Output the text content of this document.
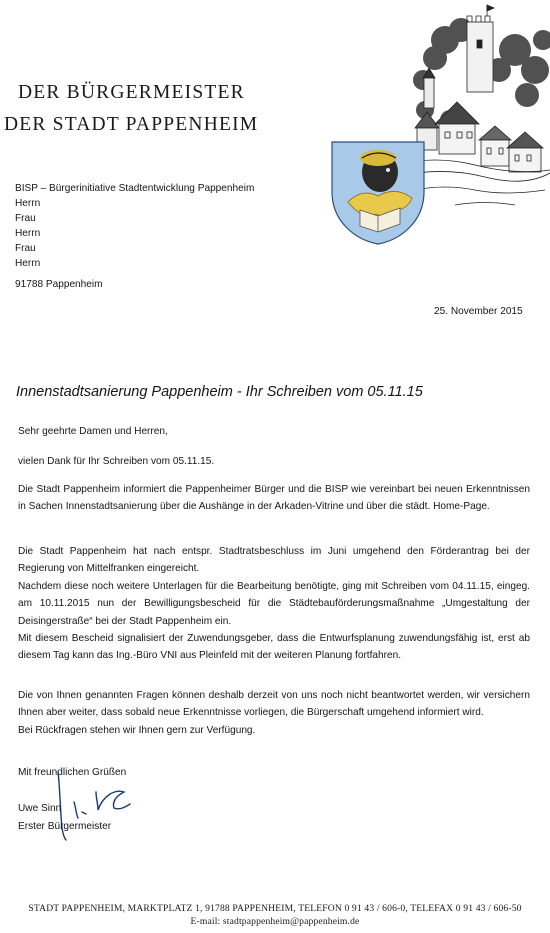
DER BÜRGERMEISTER
DER STADT PAPPENHEIM
BISP – Bürgerinitiative Stadtentwicklung Pappenheim
Herrn
Frau
Herrn
Frau
Herrn
91788 Pappenheim
25. November 2015
Innenstadtsanierung Pappenheim - Ihr Schreiben vom 05.11.15
Sehr geehrte Damen und Herren,
vielen Dank für Ihr Schreiben vom 05.11.15.
Die Stadt Pappenheim informiert die Pappenheimer Bürger und die BISP wie vereinbart bei neuen Erkenntnissen in Sachen Innenstadtsanierung über die Aushänge in der Arkaden-Vitrine und über die städt. Home-Page.
Die Stadt Pappenheim hat nach entspr. Stadtratsbeschluss im Juni umgehend den Förderantrag bei der Regierung von Mittelfranken eingereicht.
Nachdem diese noch weitere Unterlagen für die Bearbeitung benötigte, ging mit Schreiben vom 04.11.15, eingeg. am 10.11.2015 nun der Bewilligungsbescheid für die Städtebauförderungsmaßnahme „Umgestaltung der Deisingerstraße“ bei der Stadt Pappenheim ein.
Mit diesem Bescheid signalisiert der Zuwendungsgeber, dass die Entwurfsplanung zuwendungsfähig ist, erst ab diesem Tag kann das Ing.-Büro VNI aus Pleinfeld mit der weiteren Planung fortfahren.
Die von Ihnen genannten Fragen können deshalb derzeit von uns noch nicht beantwortet werden, wir versichern Ihnen aber weiter, dass sobald neue Erkenntnisse vorliegen, die Bürgerschaft umgehend informiert wird.
Bei Rückfragen stehen wir Ihnen gern zur Verfügung.
Mit freundlichen Grüßen
Uwe Sinn
Erster Bürgermeister
STADT PAPPENHEIM, MARKTPLATZ 1, 91788 PAPPENHEIM, TELEFON 0 91 43 / 606-0, TELEFAX 0 91 43 / 606-50
E-mail: stadtpappenheim@pappenheim.de
